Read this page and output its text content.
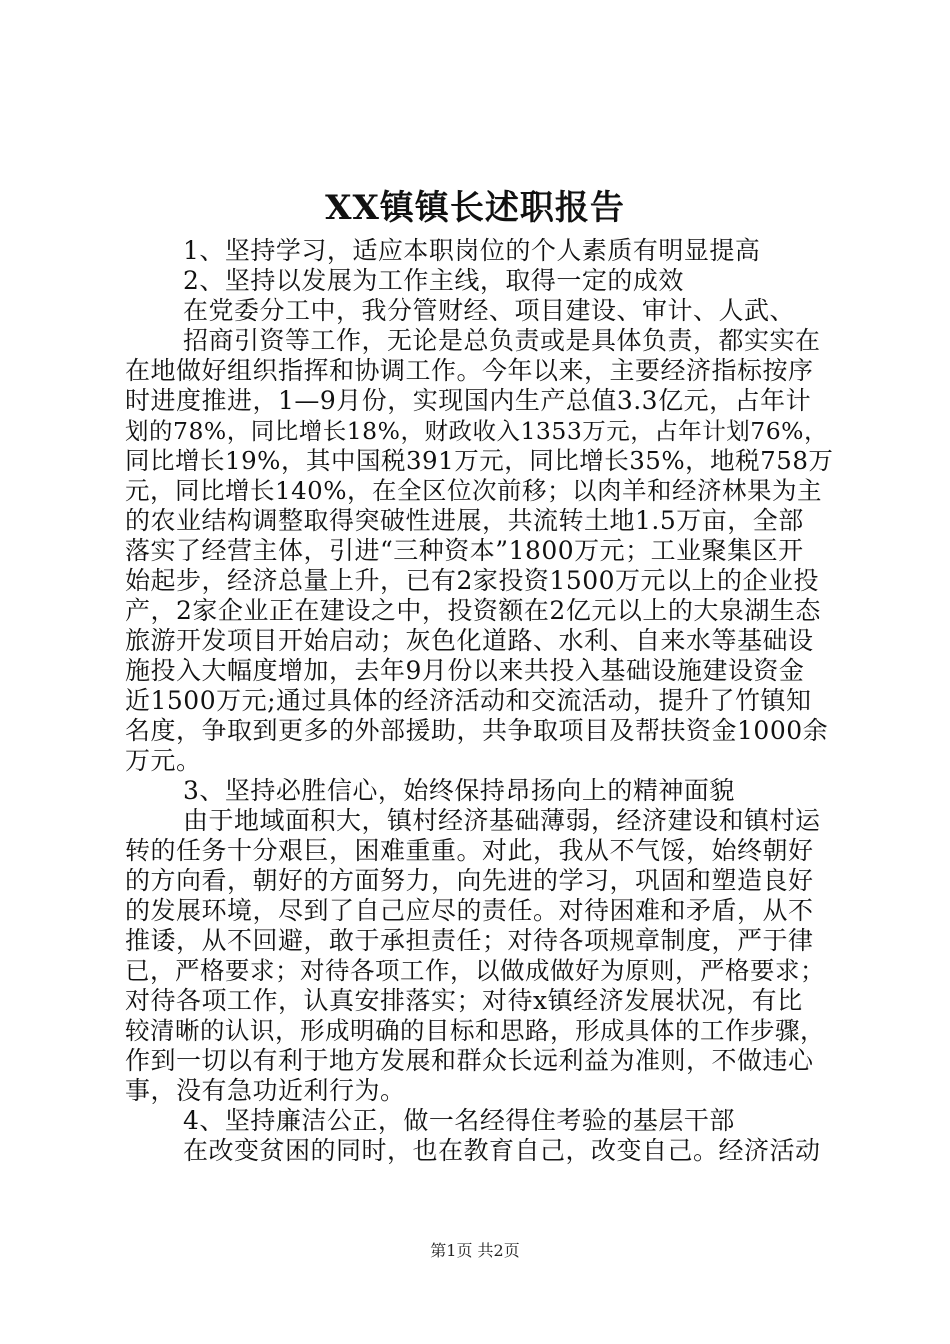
XX镇镇长述职报告
1、坚持学习，适应本职岗位的个人素质有明显提高
2、坚持以发展为工作主线，取得一定的成效
在党委分工中，我分管财经、项目建设、审计、人武、
招商引资等工作，无论是总负责或是具体负责，都实实在
在地做好组织指挥和协调工作。今年以来，主要经济指标按序
时进度推进，1—9月份，实现国内生产总值3.3亿元，占年计
划的78%，同比增长18%，财政收入1353万元，占年计划76%，
同比增长19%，其中国税391万元，同比增长35%，地税758万
元，同比增长140%，在全区位次前移；以肉羊和经济林果为主
的农业结构调整取得突破性进展，共流转土地1.5万亩，全部
落实了经营主体，引进“三种资本”1800万元；工业聚集区开
始起步，经济总量上升，已有2家投资1500万元以上的企业投
产，2家企业正在建设之中，投资额在2亿元以上的大泉湖生态
旅游开发项目开始启动；灰色化道路、水利、自来水等基础设
施投入大幅度增加，去年9月份以来共投入基础设施建设资金
近1500万元;通过具体的经济活动和交流活动，提升了竹镇知
名度，争取到更多的外部援助，共争取项目及帮扶资金1000余
万元。
3、坚持必胜信心，始终保持昂扬向上的精神面貌
由于地域面积大，镇村经济基础薄弱，经济建设和镇村运
转的任务十分艰巨，困难重重。对此，我从不气馁，始终朝好
的方向看，朝好的方面努力，向先进的学习，巩固和塑造良好
的发展环境，尽到了自己应尽的责任。对待困难和矛盾，从不
推诿，从不回避，敢于承担责任；对待各项规章制度，严于律
已，严格要求；对待各项工作，以做成做好为原则，严格要求；
对待各项工作，认真安排落实；对待x镇经济发展状况，有比
较清晰的认识，形成明确的目标和思路，形成具体的工作步骤，
作到一切以有利于地方发展和群众长远利益为准则，不做违心
事，没有急功近利行为。
4、坚持廉洁公正，做一名经得住考验的基层干部
在改变贫困的同时，也在教育自己，改变自己。经济活动
第1页 共2页
